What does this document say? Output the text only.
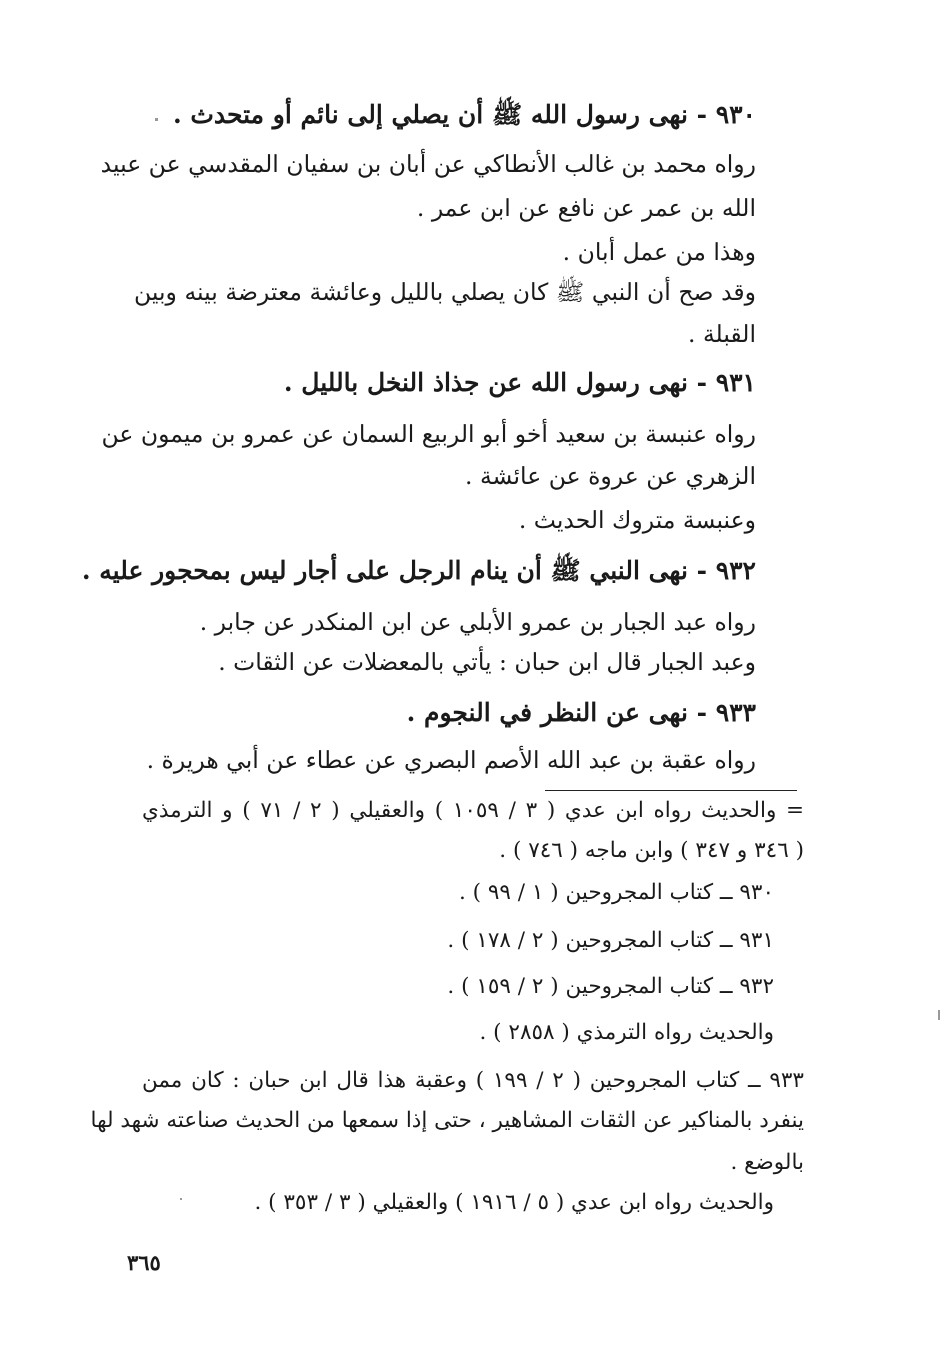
٩٣٠ - نهى رسول الله ﷺ أن يصلي إلى نائم أو متحدث .
رواه محمد بن غالب الأنطاكي عن أبان بن سفيان المقدسي عن عبيد
الله بن عمر عن نافع عن ابن عمر .
وهذا من عمل أبان .
وقد صح أن النبي ﷺ كان يصلي بالليل وعائشة معترضة بينه وبين
القبلة .
٩٣١ - نهى رسول الله عن جذاذ النخل بالليل .
رواه عنبسة بن سعيد أخو أبو الربيع السمان عن عمرو بن ميمون عن
الزهري عن عروة عن عائشة .
وعنبسة متروك الحديث .
٩٣٢ - نهى النبي ﷺ أن ينام الرجل على أجار ليس بمحجور عليه .
رواه عبد الجبار بن عمرو الأبلي عن ابن المنكدر عن جابر .
وعبد الجبار قال ابن حبان : يأتي بالمعضلات عن الثقات .
٩٣٣ - نهى عن النظر في النجوم .
رواه عقبة بن عبد الله الأصم البصري عن عطاء عن أبي هريرة .
= والحديث رواه ابن عدي ( ٣ / ١٠٥٩ ) والعقيلي ( ٢ / ٧١ ) و الترمذي
( ٣٤٦ و ٣٤٧ ) وابن ماجه ( ٧٤٦ ) .
٩٣٠ ــ كتاب المجروحين ( ١ / ٩٩ ) .
٩٣١ ــ كتاب المجروحين ( ٢ / ١٧٨ ) .
٩٣٢ ــ كتاب المجروحين ( ٢ / ١٥٩ ) .
والحديث رواه الترمذي ( ٢٨٥٨ ) .
٩٣٣ ــ كتاب المجروحين ( ٢ / ١٩٩ ) وعقبة هذا قال ابن حبان : كان ممن
ينفرد بالمناكير عن الثقات المشاهير ، حتى إذا سمعها من الحديث صناعته شهد لها
بالوضع .
والحديث رواه ابن عدي ( ٥ / ١٩١٦ ) والعقيلي ( ٣ / ٣٥٣ ) .
٣٦٥
